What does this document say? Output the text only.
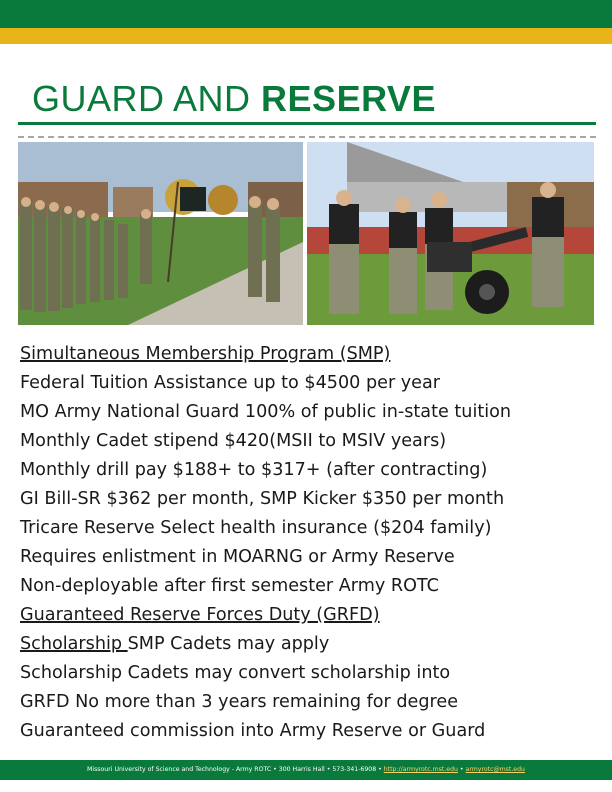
GUARD AND RESERVE
Simultaneous Membership Program (SMP)
Federal Tuition Assistance up to $4500 per year
MO Army National Guard 100% of public in-state tuition
Monthly Cadet stipend $420(MSII to MSIV years)
Monthly drill pay $188+ to $317+ (after contracting)
GI Bill-SR $362 per month, SMP Kicker $350 per month
Tricare Reserve Select health insurance ($204 family)
Requires enlistment in MOARNG or Army Reserve
Non-deployable after first semester Army ROTC
Guaranteed Reserve Forces Duty (GRFD)
Scholarship SMP Cadets may apply
Scholarship Cadets may convert scholarship into
GRFD No more than 3 years remaining for degree
Guaranteed commission into Army Reserve or Guard
Missouri University of Science and Technology - Army ROTC • 300 Harris Hall • 573-341-6908 • http://armyrotc.mst.edu • armyrotc@mst.edu
